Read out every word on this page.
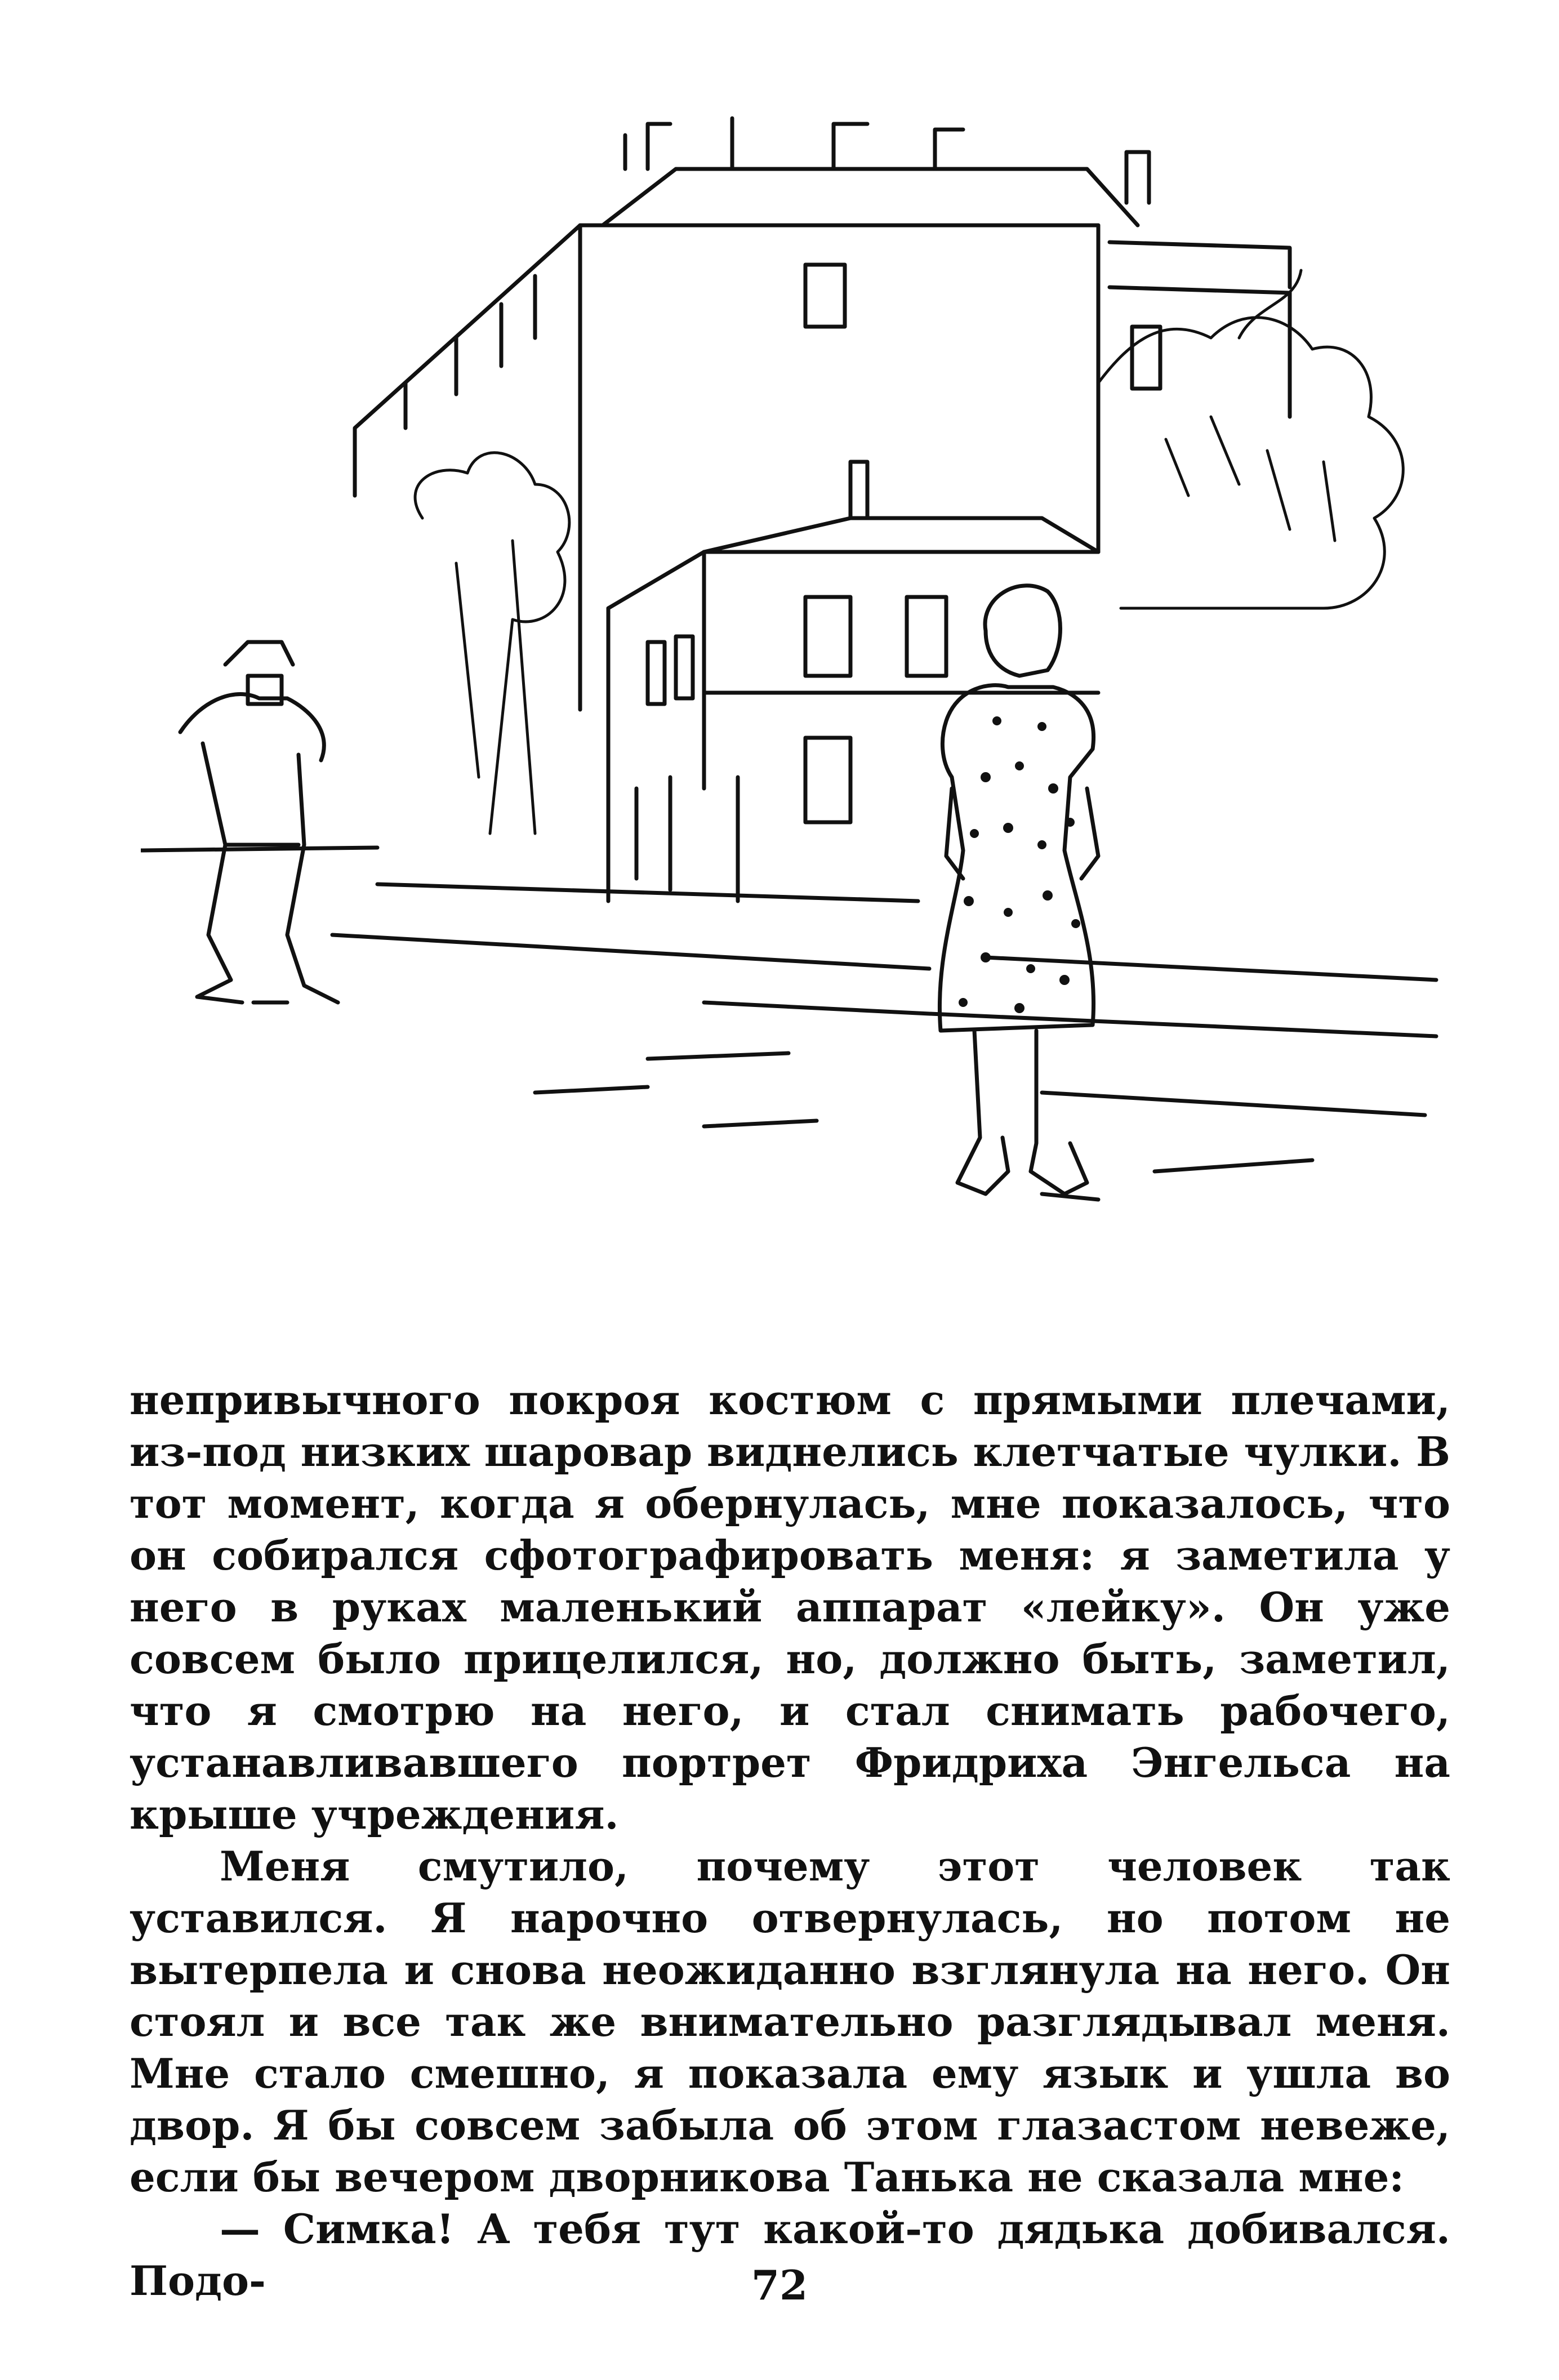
непривычного покроя костюм с прямыми плечами, из-под низких шаровар виднелись клетчатые чулки. В тот момент, когда я обернулась, мне показалось, что он собирался сфотографировать меня: я заметила у него в руках маленький аппарат «лейку». Он уже совсем было прицелился, но, должно быть, заметил, что я смотрю на него, и стал снимать рабочего, устанавливавшего портрет Фридриха Энгельса на крыше учреждения.

Меня смутило, почему этот человек так уставился. Я нарочно отвернулась, но потом не вытерпела и снова неожиданно взглянула на него. Он стоял и все так же внимательно разглядывал меня. Мне стало смешно, я показала ему язык и ушла во двор. Я бы совсем забыла об этом глазастом невеже, если бы вечером дворникова Танька не сказала мне:

— Симка! А тебя тут какой-то дядька добивался. Подо-	72
